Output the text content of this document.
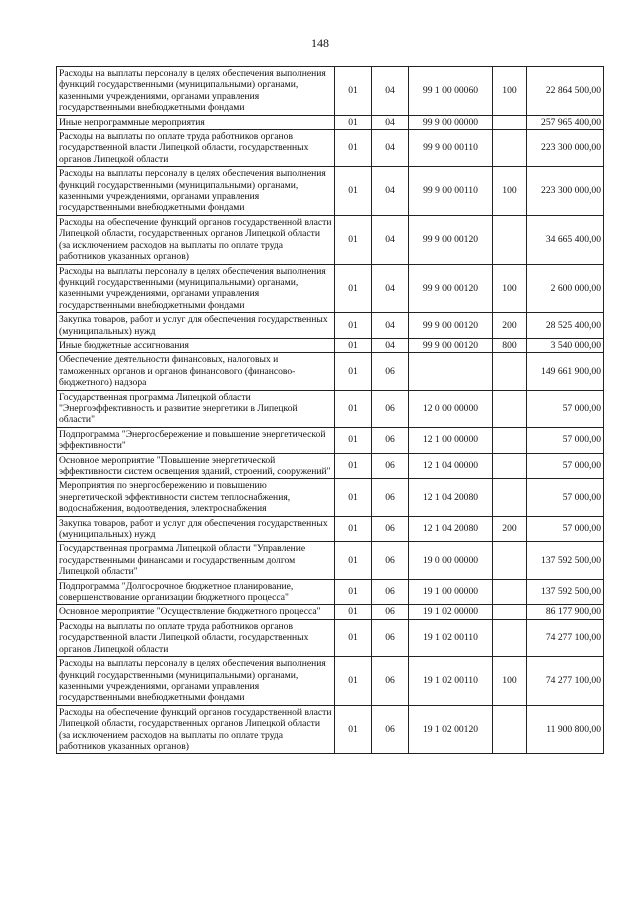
148
Расходы на выплаты персоналу в целях обеспечения выполнения функций государственными (муниципальными) органами, казенными учреждениями, органами управления государственными внебюджетными фондами	01	04	99 1 00 00060	100	22 864 500,00
Иные непрограммные мероприятия	01	04	99 9 00 00000		257 965 400,00
Расходы на выплаты по оплате труда работников органов государственной власти Липецкой области, государственных органов Липецкой области	01	04	99 9 00 00110		223 300 000,00
Расходы на выплаты персоналу в целях обеспечения выполнения функций государственными (муниципальными) органами, казенными учреждениями, органами управления государственными внебюджетными фондами	01	04	99 9 00 00110	100	223 300 000,00
Расходы на обеспечение функций органов государственной власти Липецкой области, государственных органов Липецкой области (за исключением расходов на выплаты по оплате труда работников указанных органов)	01	04	99 9 00 00120		34 665 400,00
Расходы на выплаты персоналу в целях обеспечения выполнения функций государственными (муниципальными) органами, казенными учреждениями, органами управления государственными внебюджетными фондами	01	04	99 9 00 00120	100	2 600 000,00
Закупка товаров, работ и услуг для обеспечения государственных (муниципальных) нужд	01	04	99 9 00 00120	200	28 525 400,00
Иные бюджетные ассигнования	01	04	99 9 00 00120	800	3 540 000,00
Обеспечение деятельности финансовых, налоговых и таможенных органов и органов финансового (финансово-бюджетного) надзора	01	06			149 661 900,00
Государственная программа Липецкой области "Энергоэффективность и развитие энергетики в Липецкой области"	01	06	12 0 00 00000		57 000,00
Подпрограмма "Энергосбережение и повышение энергетической эффективности"	01	06	12 1 00 00000		57 000,00
Основное мероприятие "Повышение энергетической эффективности систем освещения зданий, строений, сооружений"	01	06	12 1 04 00000		57 000,00
Мероприятия по энергосбережению и повышению энергетической эффективности систем теплоснабжения, водоснабжения, водоотведения, электроснабжения	01	06	12 1 04 20080		57 000,00
Закупка товаров, работ и услуг для обеспечения государственных (муниципальных) нужд	01	06	12 1 04 20080	200	57 000,00
Государственная программа Липецкой области "Управление государственными финансами и государственным долгом Липецкой области"	01	06	19 0 00 00000		137 592 500,00
Подпрограмма "Долгосрочное бюджетное планирование, совершенствование организации бюджетного процесса"	01	06	19 1 00 00000		137 592 500,00
Основное мероприятие "Осуществление бюджетного процесса"	01	06	19 1 02 00000		86 177 900,00
Расходы на выплаты по оплате труда работников органов государственной власти Липецкой области, государственных органов Липецкой области	01	06	19 1 02 00110		74 277 100,00
Расходы на выплаты персоналу в целях обеспечения выполнения функций государственными (муниципальными) органами, казенными учреждениями, органами управления государственными внебюджетными фондами	01	06	19 1 02 00110	100	74 277 100,00
Расходы на обеспечение функций органов государственной власти Липецкой области, государственных органов Липецкой области (за исключением расходов на выплаты по оплате труда работников указанных органов)	01	06	19 1 02 00120		11 900 800,00
